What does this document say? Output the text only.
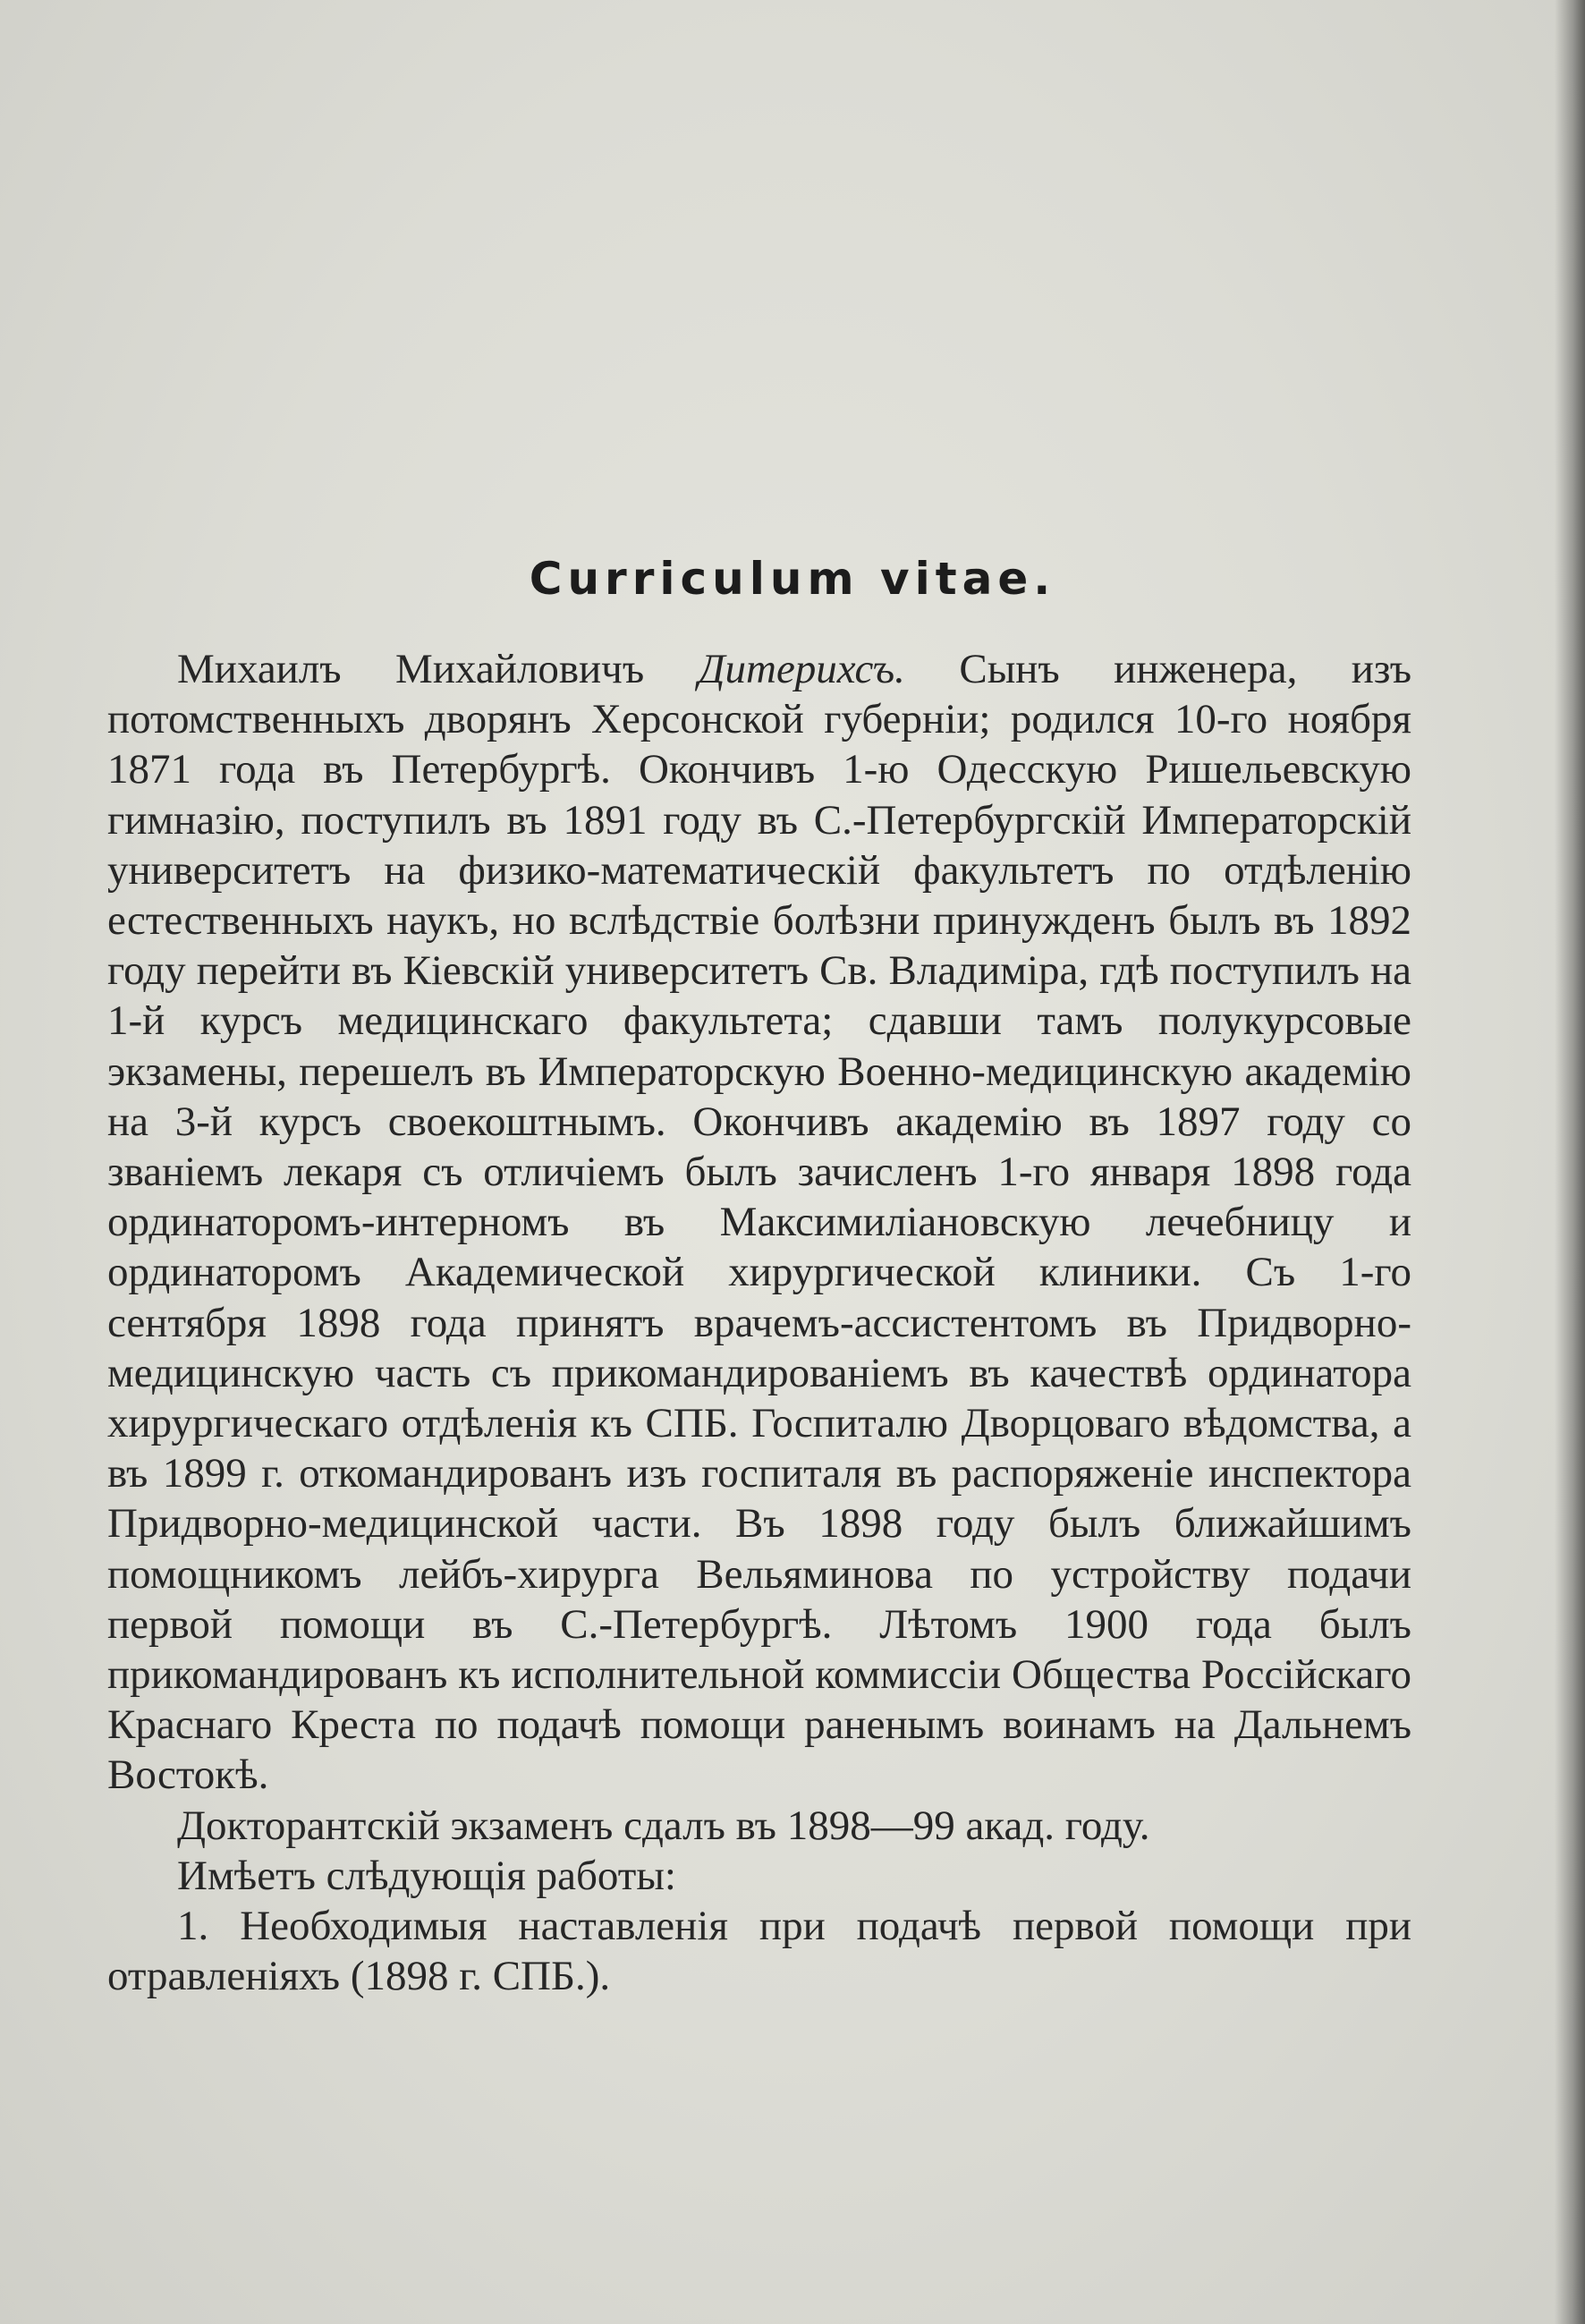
Curriculum vitae.

Михаилъ Михайловичъ Дитерихсъ. Сынъ инженера, изъ потомственныхъ дворянъ Херсонской губерніи; родился 10-го ноября 1871 года въ Петербургѣ. Окончивъ 1-ю Одесскую Ришельевскую гимназію, поступилъ въ 1891 году въ С.-Петербургскій Императорскій университетъ на физико-математическій факультетъ по отдѣленію естественныхъ наукъ, но вслѣдствіе болѣзни принужденъ былъ въ 1892 году перейти въ Кіевскій университетъ Св. Владиміра, гдѣ поступилъ на 1-й курсъ медицинскаго факультета; сдавши тамъ полукурсовые экзамены, перешелъ въ Императорскую Военно-медицинскую академію на 3-й курсъ своекоштнымъ. Окончивъ академію въ 1897 году со званіемъ лекаря съ отличіемъ былъ зачисленъ 1-го января 1898 года ординаторомъ-интерномъ въ Максимиліановскую лечебницу и ординаторомъ Академической хирургической клиники. Съ 1-го сентября 1898 года принятъ врачемъ-ассистентомъ въ Придворно-медицинскую часть съ прикомандированіемъ въ качествѣ ординатора хирургическаго отдѣленія къ СПБ. Госпиталю Дворцоваго вѣдомства, а въ 1899 г. откомандированъ изъ госпиталя въ распоряженіе инспектора Придворно-медицинской части. Въ 1898 году былъ ближайшимъ помощникомъ лейбъ-хирурга Вельяминова по устройству подачи первой помощи въ С.-Петербургѣ. Лѣтомъ 1900 года былъ прикомандированъ къ исполнительной коммиссіи Общества Россійскаго Краснаго Креста по подачѣ помощи раненымъ воинамъ на Дальнемъ Востокѣ.

Докторантскій экзаменъ сдалъ въ 1898—99 акад. году.

Имѣетъ слѣдующія работы:

1. Необходимыя наставленія при подачѣ первой помощи при отравленіяхъ (1898 г. СПБ.).
